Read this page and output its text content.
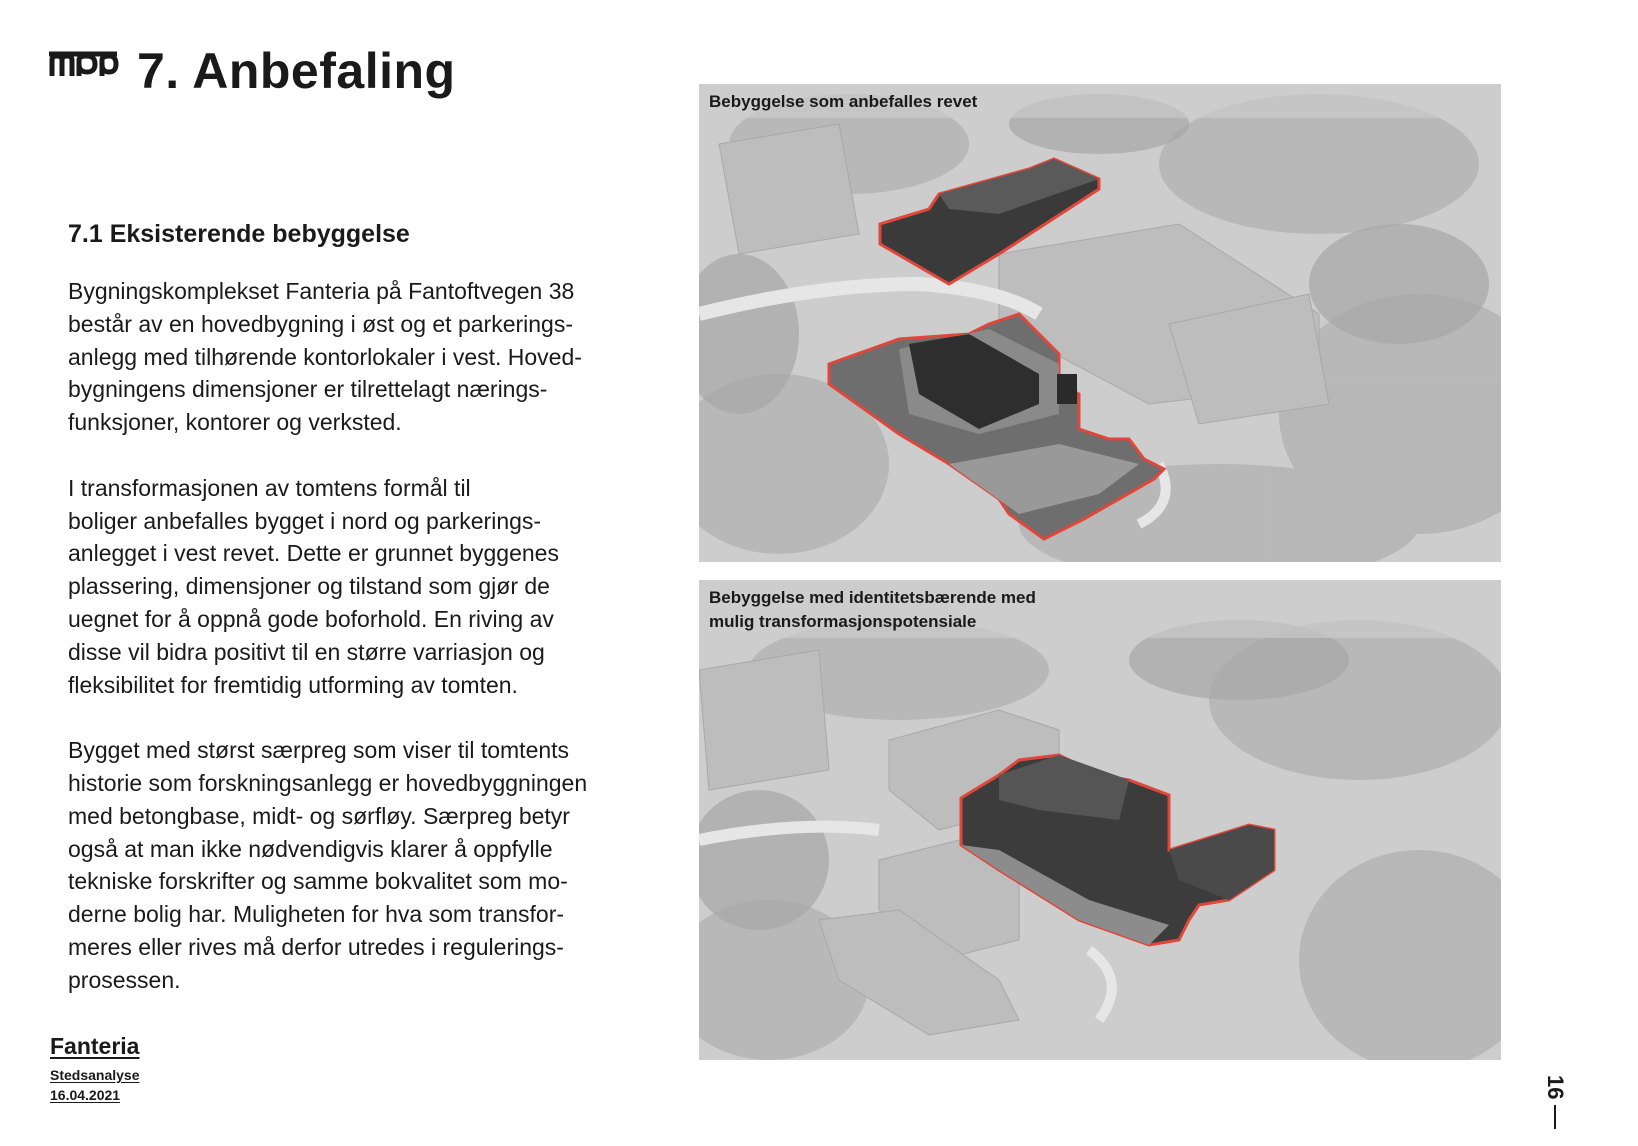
7. Anbefaling
7.1 Eksisterende bebyggelse

Bygningskomplekset Fanteria på Fantoftvegen 38
består av en hovedbygning i øst og et parkerings-
anlegg med tilhørende kontorlokaler i vest. Hoved-
bygningens dimensjoner er tilrettelagt nærings-
funksjoner, kontorer og verksted.

I transformasjonen av tomtens formål til
boliger anbefalles bygget i nord og parkerings-
anlegget i vest revet. Dette er grunnet byggenes
plassering, dimensjoner og tilstand som gjør de
uegnet for å oppnå gode boforhold. En riving av
disse vil bidra positivt til en større varriasjon og
fleksibilitet for fremtidig utforming av tomten.

Bygget med størst særpreg som viser til tomtents
historie som forskningsanlegg er hovedbyggningen
med betongbase, midt- og sørfløy. Særpreg betyr
også at man ikke nødvendigvis klarer å oppfylle
tekniske forskrifter og samme bokvalitet som mo-
derne bolig har. Muligheten for hva som transfor-
meres eller rives må derfor utredes i regulerings-
prosessen.

Bebyggelse som anbefalles revet
Bebyggelse med identitetsbærende med
mulig transformasjonspotensiale
Fanteria
Stedsanalyse
16.04.2021	16
